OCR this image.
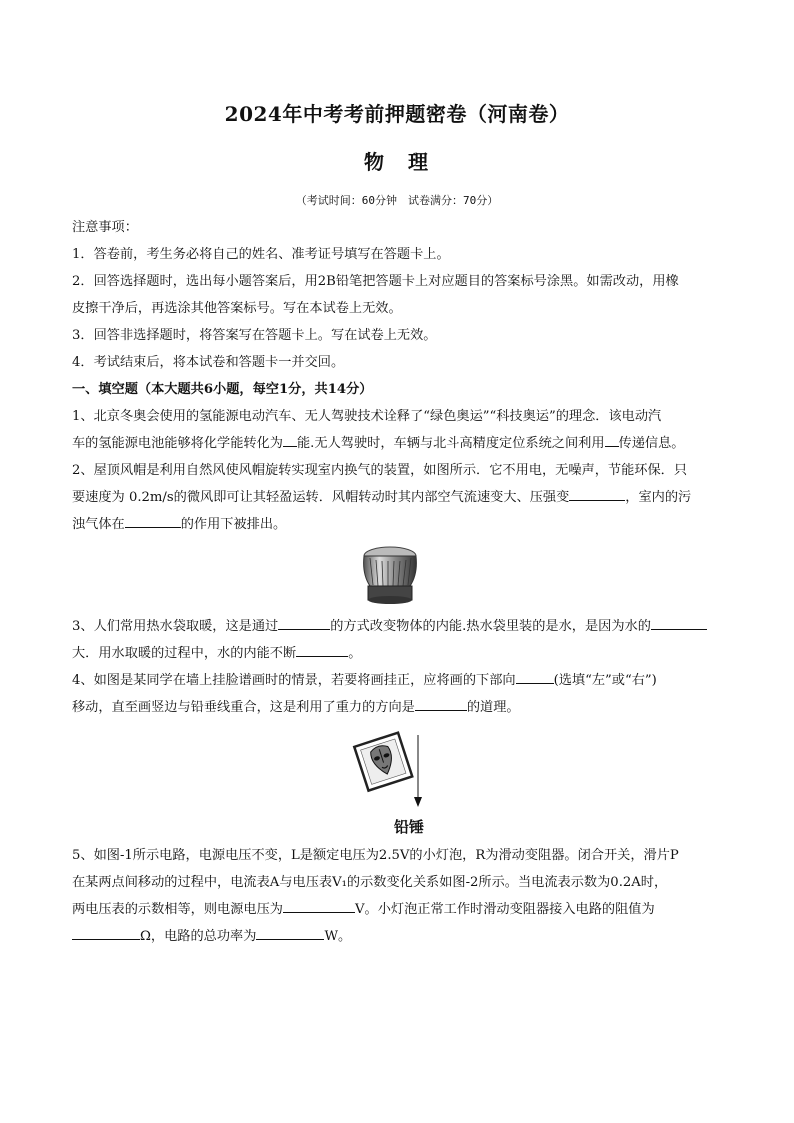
2024年中考考前押题密卷（河南卷）
物　理
（考试时间：60分钟　试卷满分：70分）
注意事项：
1．答卷前，考生务必将自己的姓名、准考证号填写在答题卡上。
2．回答选择题时，选出每小题答案后，用2B铅笔把答题卡上对应题目的答案标号涂黑。如需改动，用橡
皮擦干净后，再选涂其他答案标号。写在本试卷上无效。
3．回答非选择题时，将答案写在答题卡上。写在试卷上无效。
4．考试结束后，将本试卷和答题卡一并交回。
一、填空题（本大题共6小题，每空1分，共14分）
1、北京冬奥会使用的氢能源电动汽车、无人驾驶技术诠释了“绿色奥运”“科技奥运”的理念．该电动汽
车的氢能源电池能够将化学能转化为 能.无人驾驶时，车辆与北斗高精度定位系统之间利用 传递信息。
2、屋顶风帽是利用自然风使风帽旋转实现室内换气的装置，如图所示．它不用电，无噪声，节能环保．只
要速度为 0.2m/s的微风即可让其轻盈运转．风帽转动时其内部空气流速变大、压强变	，室内的污
浊气体在	的作用下被排出。
3、人们常用热水袋取暖，这是通过	的方式改变物体的内能.热水袋里装的是水，是因为水的
大．用水取暖的过程中，水的内能不断	。
4、如图是某同学在墙上挂脸谱画时的情景，若要将画挂正，应将画的下部向	(选填“左”或“右”)
移动，直至画竖边与铅垂线重合，这是利用了重力的方向是	的道理。
铅锤
5、如图-1所示电路，电源电压不变，L是额定电压为2.5V的小灯泡，R为滑动变阻器。闭合开关，滑片P
在某两点间移动的过程中，电流表A与电压表V₁的示数变化关系如图-2所示。当电流表示数为0.2A时，
两电压表的示数相等，则电源电压为	V。小灯泡正常工作时滑动变阻器接入电路的阻值为
Ω，电路的总功率为	W。
